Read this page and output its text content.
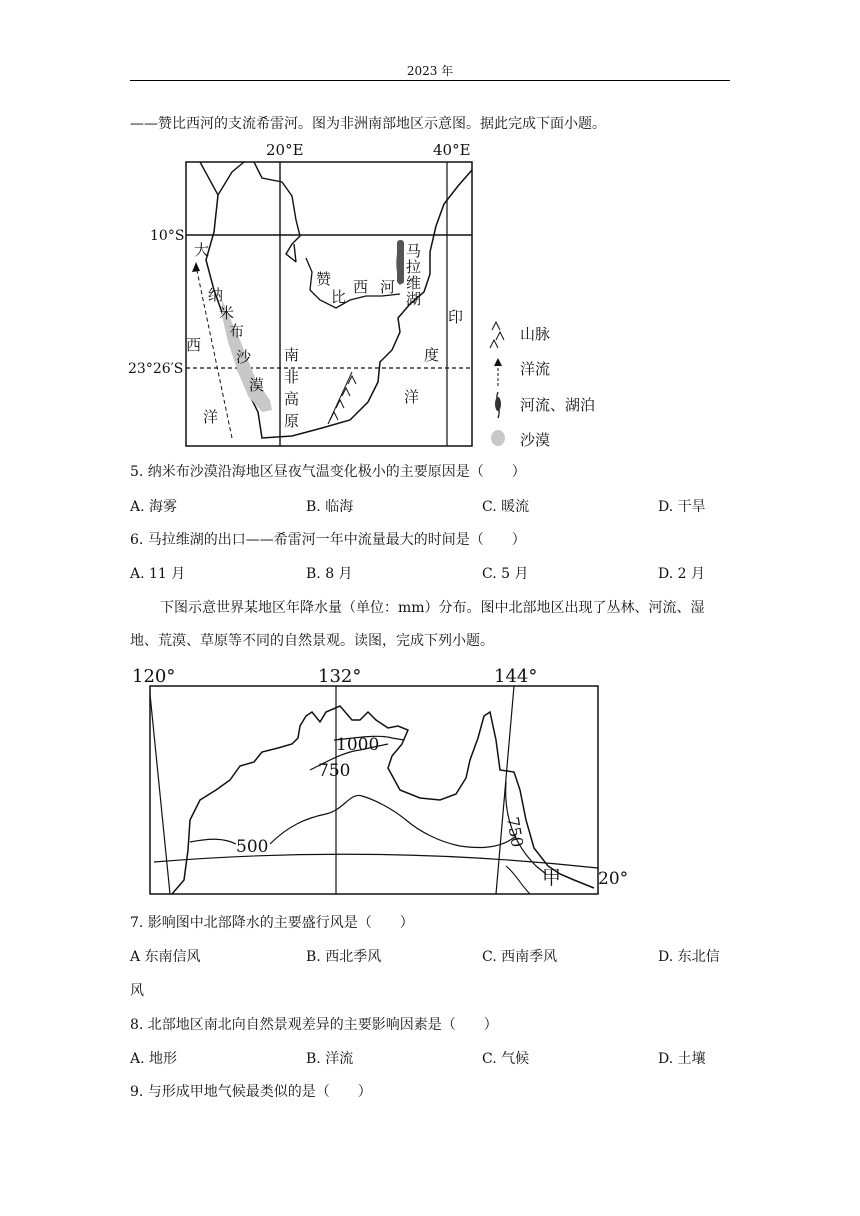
2023 年
——赞比西河的支流希雷河。图为非洲南部地区示意图。据此完成下面小题。
20°E	40°E
10°S
23°26′S
大
西
洋
纳
米
布
沙
漠
南
非
高
原
赞
比
西 河
马
拉
维
湖
印
度
洋
山脉
洋流
河流、湖泊
沙漠
5. 纳米布沙漠沿海地区昼夜气温变化极小的主要原因是（　　）
A. 海雾	B. 临海	C. 暖流	D. 干旱
6. 马拉维湖的出口——希雷河一年中流量最大的时间是（　　）
A. 11 月	B. 8 月	C. 5 月	D. 2 月
下图示意世界某地区年降水量（单位：mm）分布。图中北部地区出现了丛林、河流、湿
地、荒漠、草原等不同的自然景观。读图，完成下列小题。
120°	132°	144°
1000
750
500	750
甲 20°
7. 影响图中北部降水的主要盛行风是（　　）
A 东南信风	B. 西北季风	C. 西南季风	D. 东北信
风
8. 北部地区南北向自然景观差异的主要影响因素是（　　）
A. 地形	B. 洋流	C. 气候	D. 土壤
9. 与形成甲地气候最类似的是（　　）
